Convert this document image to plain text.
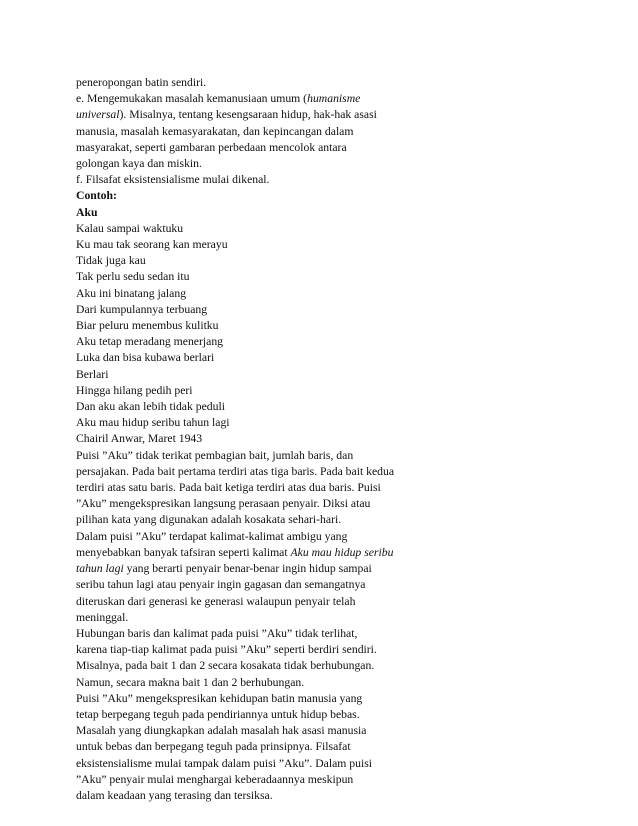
peneropongan batin sendiri.
e. Mengemukakan masalah kemanusiaan umum (humanisme
universal). Misalnya, tentang kesengsaraan hidup, hak-hak asasi
manusia, masalah kemasyarakatan, dan kepincangan dalam
masyarakat, seperti gambaran perbedaan mencolok antara
golongan kaya dan miskin.
f. Filsafat eksistensialisme mulai dikenal.
Contoh:
Aku
Kalau sampai waktuku
Ku mau tak seorang kan merayu
Tidak juga kau
Tak perlu sedu sedan itu
Aku ini binatang jalang
Dari kumpulannya terbuang
Biar peluru menembus kulitku
Aku tetap meradang menerjang
Luka dan bisa kubawa berlari
Berlari
Hingga hilang pedih peri
Dan aku akan lebih tidak peduli
Aku mau hidup seribu tahun lagi
Chairil Anwar, Maret 1943
Puisi ”Aku” tidak terikat pembagian bait, jumlah baris, dan
persajakan. Pada bait pertama terdiri atas tiga baris. Pada bait kedua
terdiri atas satu baris. Pada bait ketiga terdiri atas dua baris. Puisi
”Aku” mengekspresikan langsung perasaan penyair. Diksi atau
pilihan kata yang digunakan adalah kosakata sehari-hari.
Dalam puisi ”Aku” terdapat kalimat-kalimat ambigu yang
menyebabkan banyak tafsiran seperti kalimat Aku mau hidup seribu
tahun lagi yang berarti penyair benar-benar ingin hidup sampai
seribu tahun lagi atau penyair ingin gagasan dan semangatnya
diteruskan dari generasi ke generasi walaupun penyair telah
meninggal.
Hubungan baris dan kalimat pada puisi ”Aku” tidak terlihat,
karena tiap-tiap kalimat pada puisi ”Aku” seperti berdiri sendiri.
Misalnya, pada bait 1 dan 2 secara kosakata tidak berhubungan.
Namun, secara makna bait 1 dan 2 berhubungan.
Puisi ”Aku” mengekspresikan kehidupan batin manusia yang
tetap berpegang teguh pada pendiriannya untuk hidup bebas.
Masalah yang diungkapkan adalah masalah hak asasi manusia
untuk bebas dan berpegang teguh pada prinsipnya. Filsafat
eksistensialisme mulai tampak dalam puisi ”Aku”. Dalam puisi
”Aku” penyair mulai menghargai keberadaannya meskipun
dalam keadaan yang terasing dan tersiksa.
